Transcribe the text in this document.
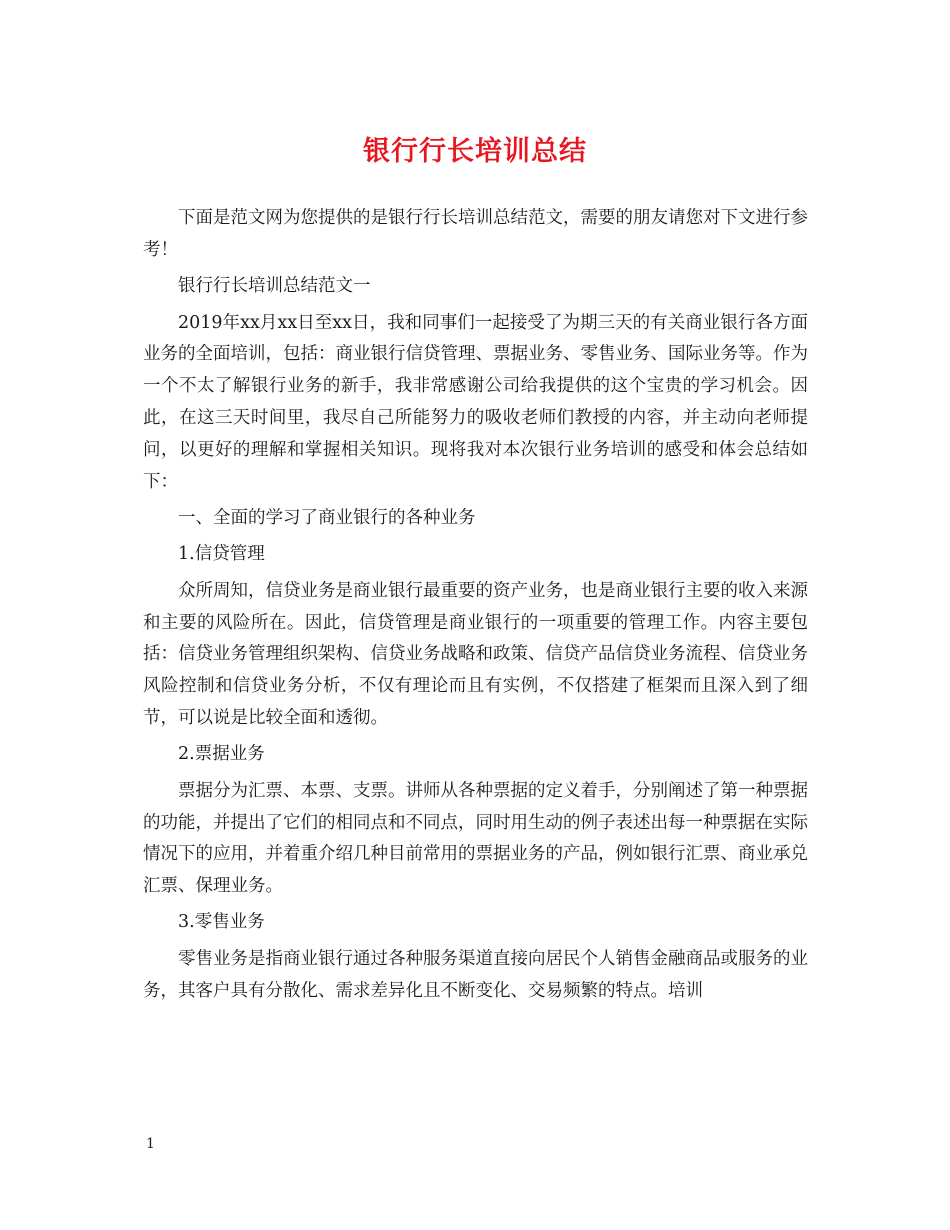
银行行长培训总结

下面是范文网为您提供的是银行行长培训总结范文，需要的朋友请您对下文进行参考！

银行行长培训总结范文一

2019年xx月xx日至xx日，我和同事们一起接受了为期三天的有关商业银行各方面业务的全面培训，包括：商业银行信贷管理、票据业务、零售业务、国际业务等。作为一个不太了解银行业务的新手，我非常感谢公司给我提供的这个宝贵的学习机会。因此，在这三天时间里，我尽自己所能努力的吸收老师们教授的内容，并主动向老师提问，以更好的理解和掌握相关知识。现将我对本次银行业务培训的感受和体会总结如下：

一、全面的学习了商业银行的各种业务

1.信贷管理

众所周知，信贷业务是商业银行最重要的资产业务，也是商业银行主要的收入来源和主要的风险所在。因此，信贷管理是商业银行的一项重要的管理工作。内容主要包括：信贷业务管理组织架构、信贷业务战略和政策、信贷产品信贷业务流程、信贷业务风险控制和信贷业务分析，不仅有理论而且有实例，不仅搭建了框架而且深入到了细节，可以说是比较全面和透彻。

2.票据业务

票据分为汇票、本票、支票。讲师从各种票据的定义着手，分别阐述了第一种票据的功能，并提出了它们的相同点和不同点，同时用生动的例子表述出每一种票据在实际情况下的应用，并着重介绍几种目前常用的票据业务的产品，例如银行汇票、商业承兑汇票、保理业务。

3.零售业务

零售业务是指商业银行通过各种服务渠道直接向居民个人销售金融商品或服务的业务，其客户具有分散化、需求差异化且不断变化、交易频繁的特点。培训

1
